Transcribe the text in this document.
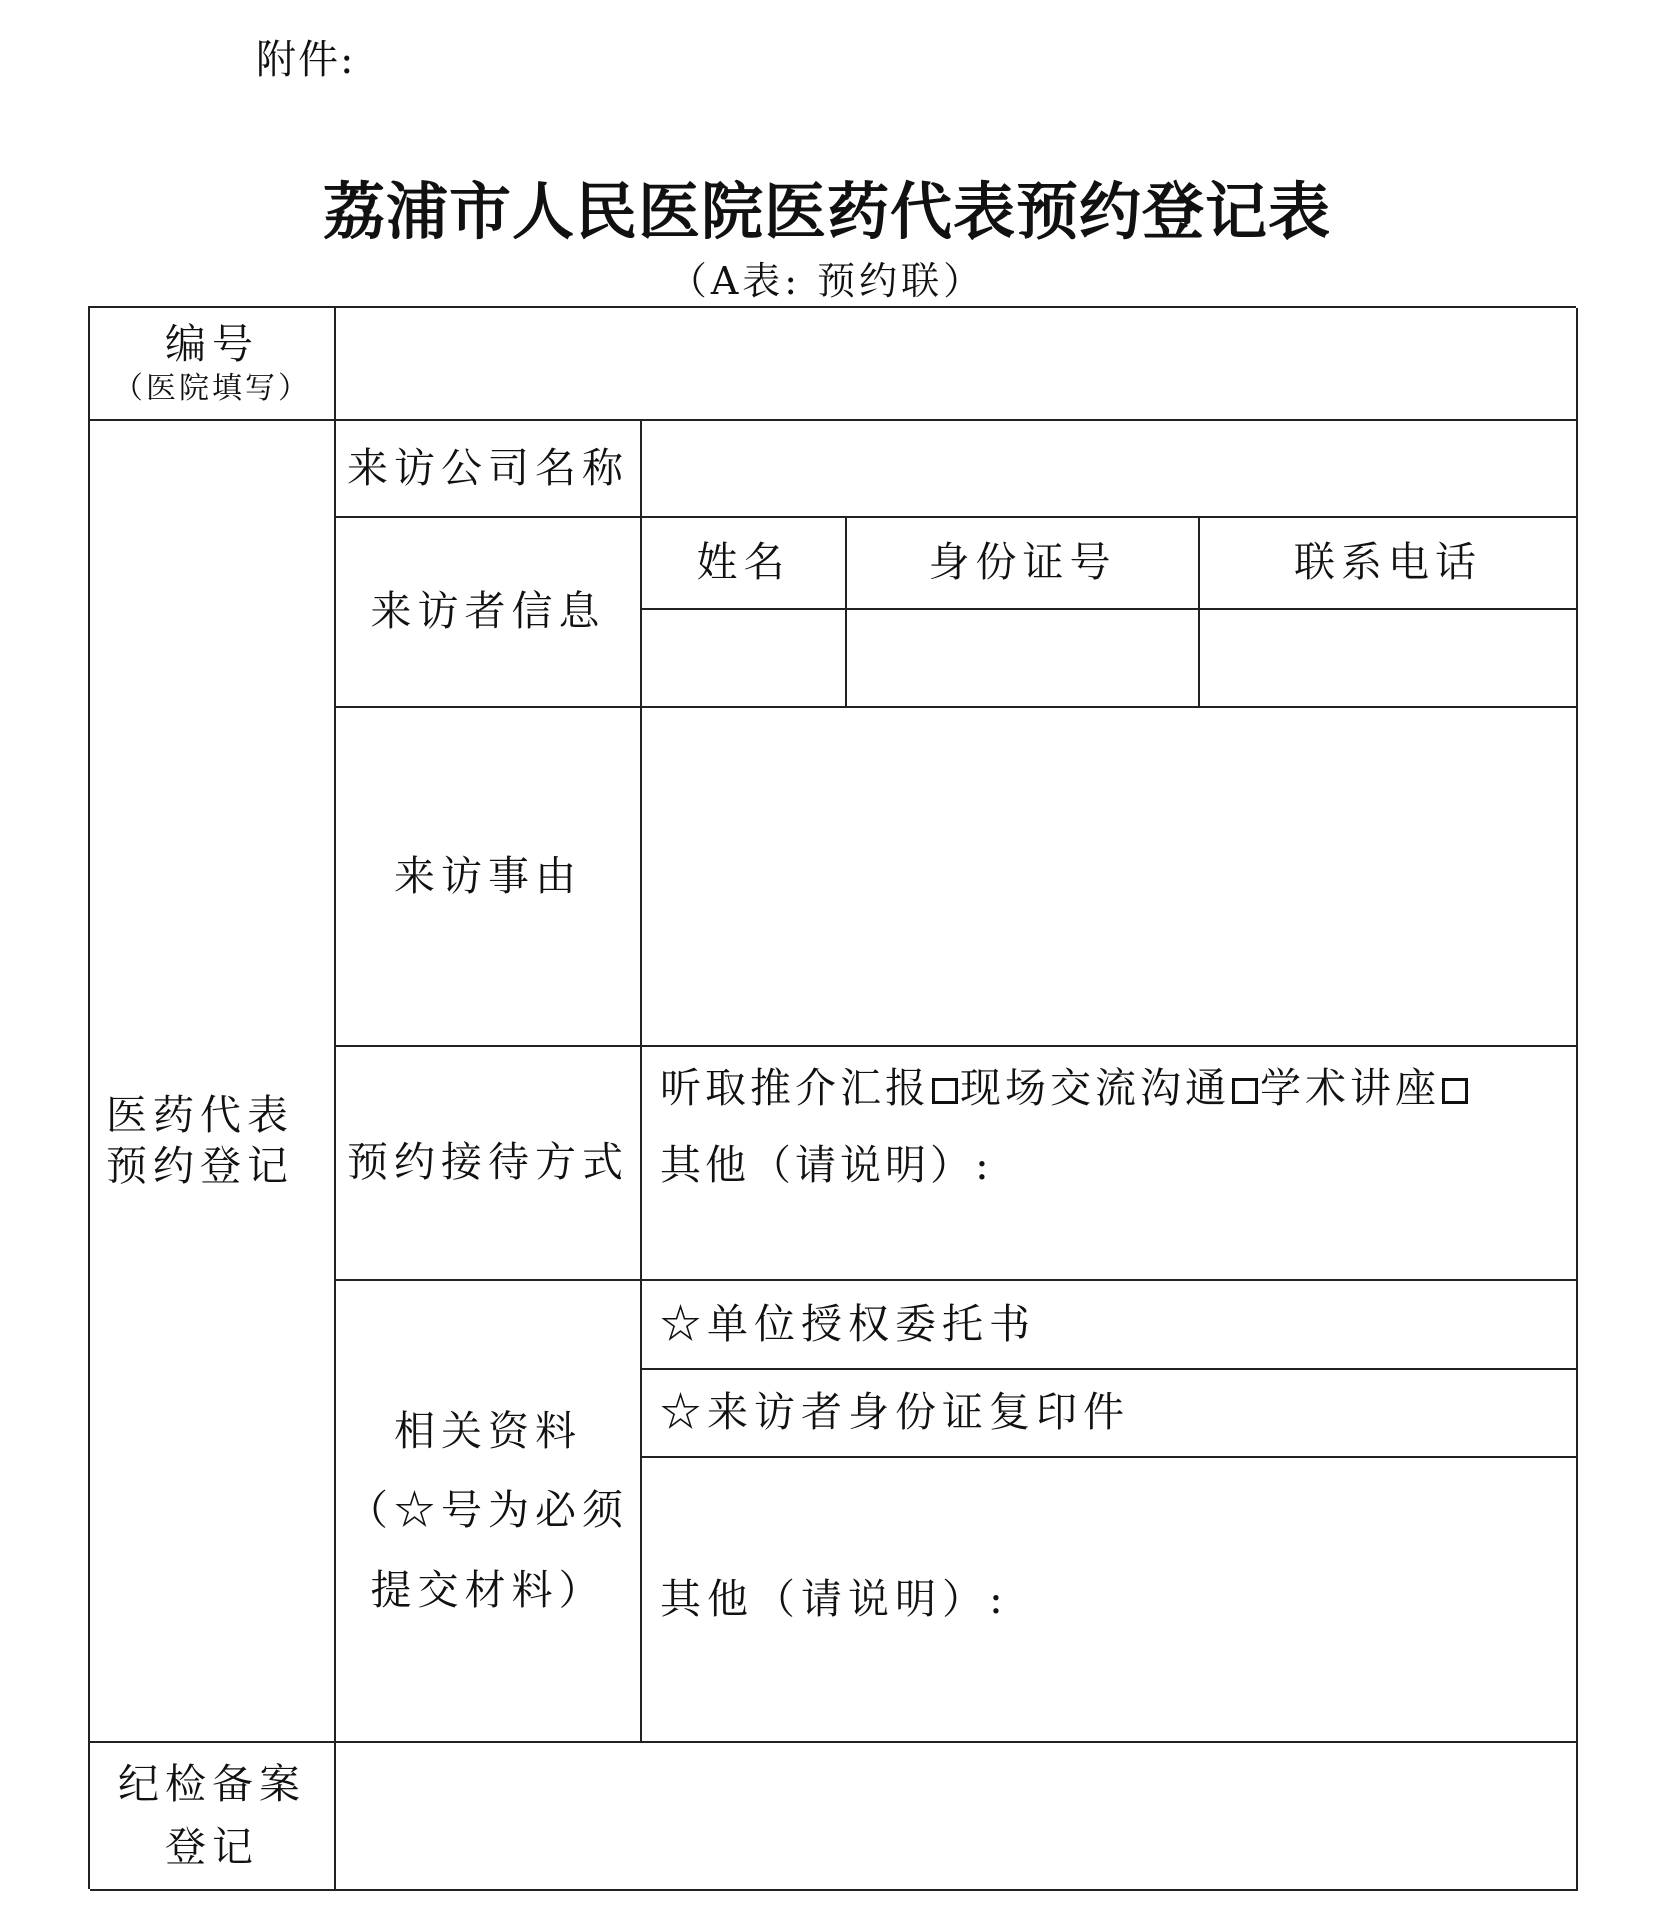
附件:
荔浦市人民医院医药代表预约登记表
（A表: 预约联）
编号
（医院填写）
医药代表
预约登记
来访公司名称
来访者信息
姓名	身份证号	联系电话
来访事由
预约接待方式
听取推介汇报 现场交流沟通 学术讲座
其他（请说明）:
相关资料
（☆号为必须
提交材料）
☆单位授权委托书
☆来访者身份证复印件
其他（请说明）:
纪检备案
登记
